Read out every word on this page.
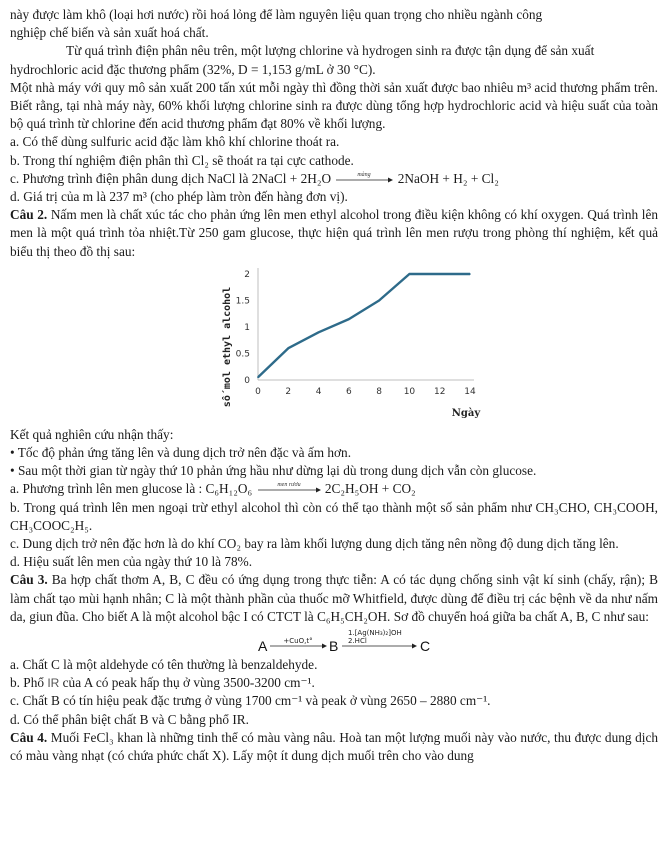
này được làm khô (loại hơi nước) rồi hoá lỏng để làm nguyên liệu quan trọng cho nhiều ngành công

nghiệp chế biến và sản xuất hoá chất.

Từ quá trình điện phân nêu trên, một lượng chlorine và hydrogen sinh ra được tận dụng để sản xuất

hydrochloric acid đặc thương phẩm (32%, D = 1,153 g/mL ở 30 °C).

Một nhà máy với quy mô sản xuất 200 tấn xút mỗi ngày thì đồng thời sản xuất được bao nhiêu m³ acid thương phẩm trên. Biết rằng, tại nhà máy này, 60% khối lượng chlorine sinh ra được dùng tổng hợp hydrochloric acid và hiệu suất của toàn bộ quá trình từ chlorine đến acid thương phẩm đạt 80% về khối lượng.

a. Có thể dùng sulfuric acid đặc làm khô khí chlorine thoát ra.

b. Trong thí nghiệm điện phân thì Cl₂ sẽ thoát ra tại cực cathode.

c. Phương trình điện phân dung dịch NaCl là 2NaCl + 2H₂O	màng 2NaOH + H₂ + Cl₂

d. Giá trị của m là 237 m³ (cho phép làm tròn đến hàng đơn vị).

Câu 2. Nấm men là chất xúc tác cho phản ứng lên men ethyl alcohol trong điều kiện không có khí oxygen. Quá trình lên men là một quá trình tỏa nhiệt.Từ 250 gam glucose, thực hiện quá trình lên men rượu trong phòng thí nghiệm, kết quả biểu thị theo đồ thị sau:

0
0.5
1
1.5
2
0	2	4	6	8 10 12 14
số mol ethyl alcohol
Ngày

Kết quả nghiên cứu nhận thấy:

• Tốc độ phản ứng tăng lên và dung dịch trở nên đặc và ấm hơn.

• Sau một thời gian từ ngày thứ 10 phản ứng hầu như dừng lại dù trong dung dịch vẫn còn glucose.

a. Phương trình lên men glucose là : C₆H₁₂O₆	men rươu 2C₂H₅OH + CO₂

b. Trong quá trình lên men ngoại trừ ethyl alcohol thì còn có thể tạo thành một số sản phẩm như CH₃CHO, CH₃COOH, CH₃COOC₂H₅.

c. Dung dịch trở nên đặc hơn là do khí CO₂ bay ra làm khối lượng dung dịch tăng nên nồng độ dung dịch tăng lên.

d. Hiệu suất lên men của ngày thứ 10 là 78%.

Câu 3. Ba hợp chất thơm A, B, C đều có ứng dụng trong thực tiễn: A có tác dụng chống sinh vật kí sinh (chấy, rận); B làm chất tạo mùi hạnh nhân; C là một thành phần của thuốc mỡ Whitfield, được dùng để điều trị các bệnh về da như nấm da, giun đũa. Cho biết A là một alcohol bậc I có CTCT là C₆H₅CH₂OH. Sơ đồ chuyển hoá giữa ba chất A, B, C như sau:

A +CuO,t° B
1.[Ag(NH₃)₂]OH
2.HCl	C

a. Chất C là một aldehyde có tên thường là benzaldehyde.

b. Phổ IR của A có peak hấp thụ ở vùng 3500-3200 cm⁻¹.

c. Chất B có tín hiệu peak đặc trưng ở vùng 1700 cm⁻¹ và peak ở vùng 2650 – 2880 cm⁻¹.

d. Có thể phân biệt chất B và C bằng phổ IR.

Câu 4. Muối FeCl₃ khan là những tinh thể có màu vàng nâu. Hoà tan một lượng muối này vào nước, thu được dung dịch có màu vàng nhạt (có chứa phức chất X). Lấy một ít dung dịch muối trên cho vào dung
